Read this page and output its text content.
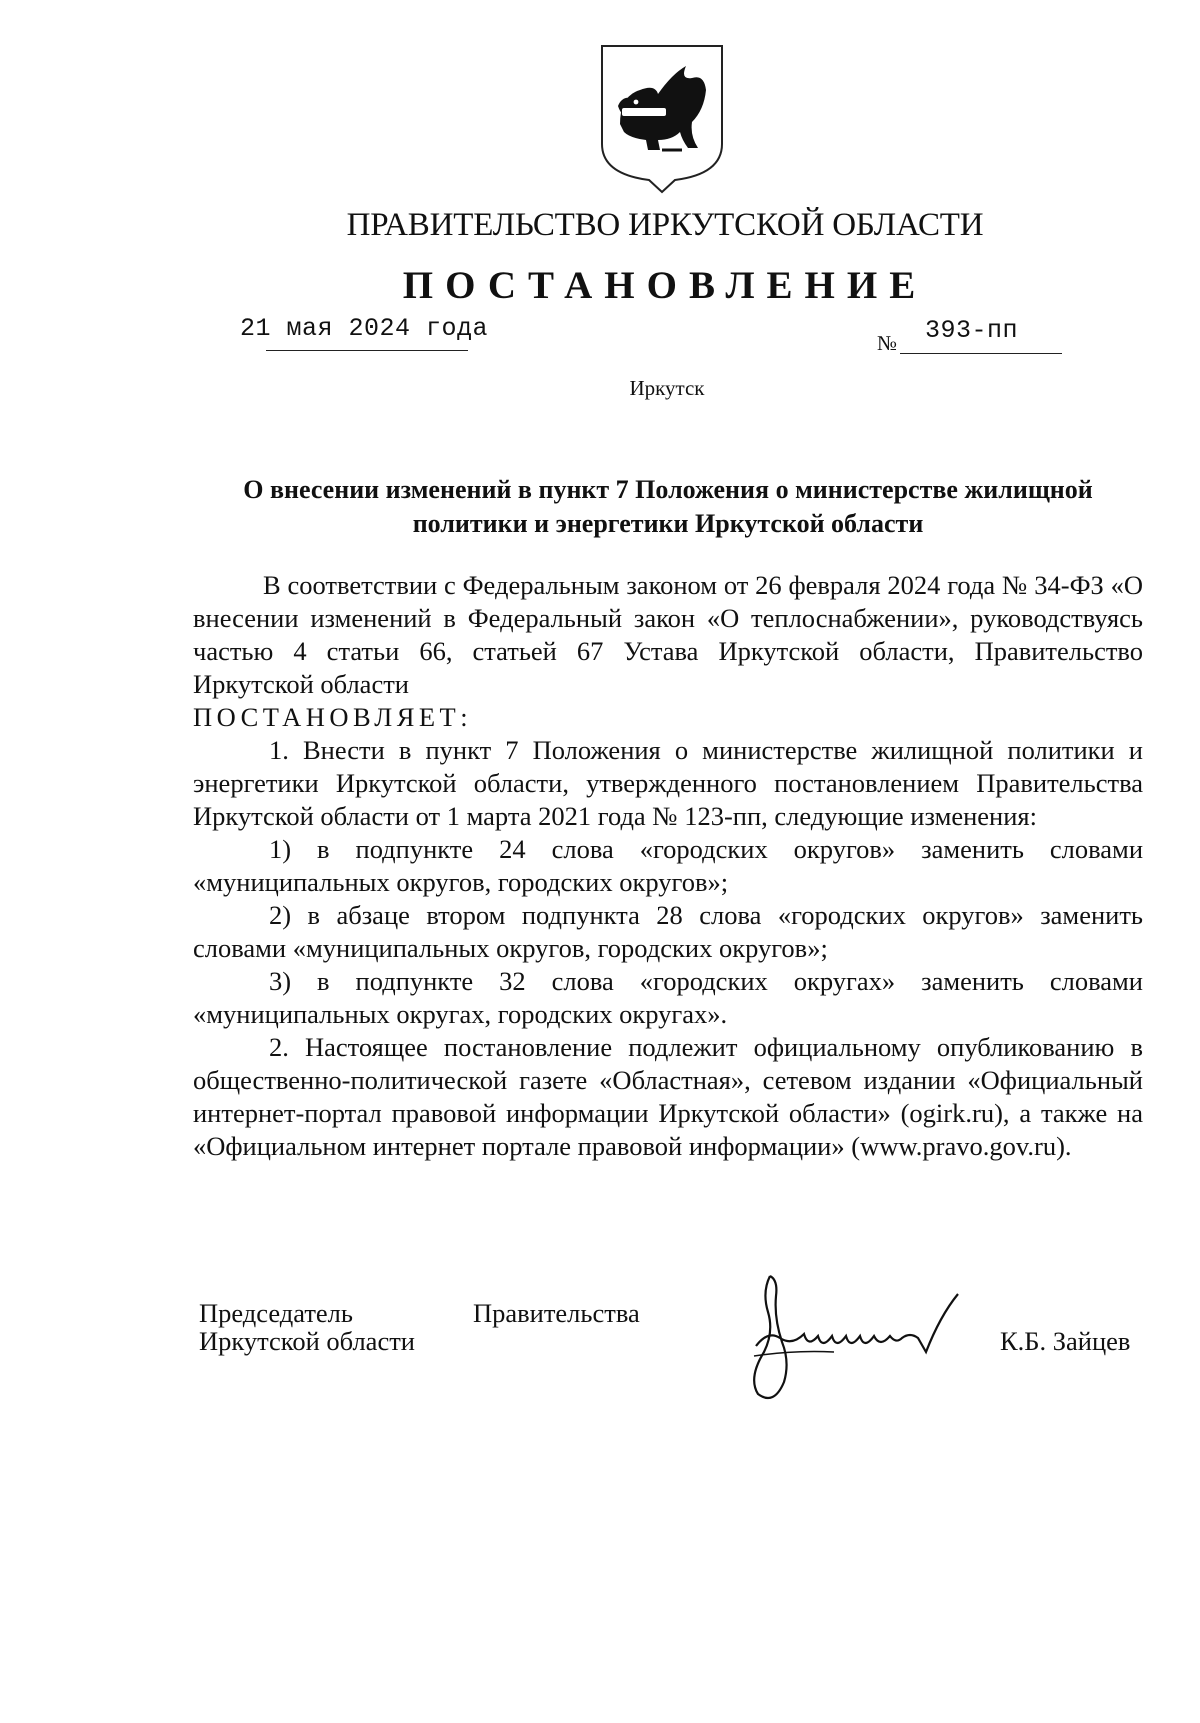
ПРАВИТЕЛЬСТВО ИРКУТСКОЙ ОБЛАСТИ
ПОСТАНОВЛЕНИЕ
21 мая 2024 года	№ 393-пп
Иркутск
О внесении изменений в пункт 7 Положения о министерстве жилищной
политики и энергетики Иркутской области

В соответствии с Федеральным законом от 26 февраля 2024 года № 34-ФЗ «О внесении изменений в Федеральный закон «О теплоснабжении», руководствуясь частью 4 статьи 66, статьей 67 Устава Иркутской области, Правительство Иркутской области

ПОСТАНОВЛЯЕТ:

1. Внести в пункт 7 Положения о министерстве жилищной политики и энергетики Иркутской области, утвержденного постановлением Правительства Иркутской области от 1 марта 2021 года № 123-пп, следующие изменения:

1) в подпункте 24 слова «городских округов» заменить словами «муниципальных округов, городских округов»;

2) в абзаце втором подпункта 28 слова «городских округов» заменить словами «муниципальных округов, городских округов»;

3) в подпункте 32 слова «городских округах» заменить словами «муниципальных округах, городских округах».

2. Настоящее постановление подлежит официальному опубликованию в общественно-политической газете «Областная», сетевом издании «Официальный интернет-портал правовой информации Иркутской области» (ogirk.ru), а также на «Официальном интернет портале правовой информации» (www.pravo.gov.ru).

Председатель	Правительства
Иркутской области	К.Б. Зайцев
